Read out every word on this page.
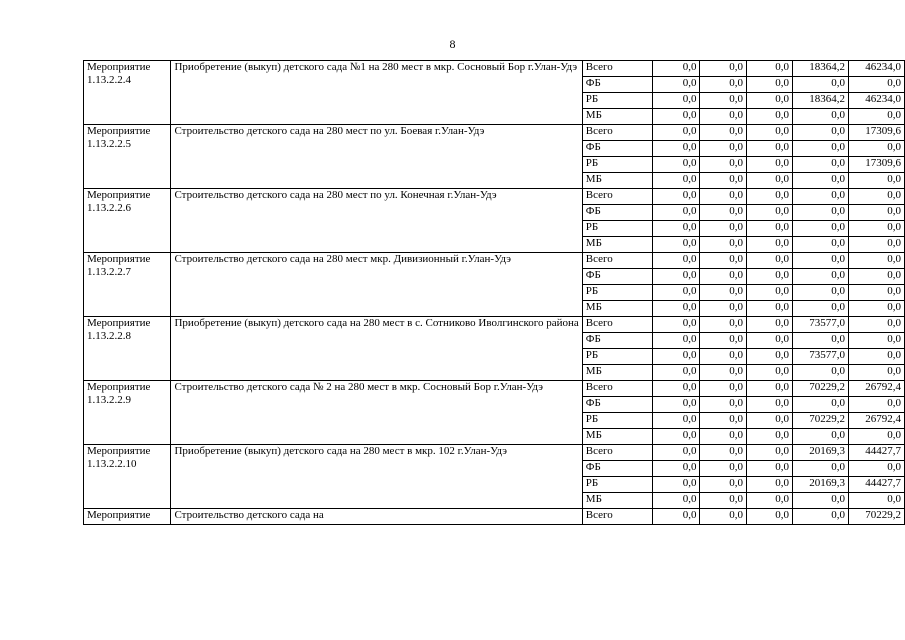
8
Мероприятие
1.13.2.2.4	Приобретение (выкуп) детского сада №1 на 280 мест в мкр. Сосновый Бор г.Улан-Удэ	Всего	0,0	0,0	0,0	18364,2	46234,0
		ФБ	0,0	0,0	0,0	0,0	0,0
		РБ	0,0	0,0	0,0	18364,2	46234,0
		МБ	0,0	0,0	0,0	0,0	0,0

Мероприятие
1.13.2.2.5	Строительство детского сада на 280 мест по ул. Боевая г.Улан-Удэ	Всего	0,0	0,0	0,0	0,0	17309,6
		ФБ	0,0	0,0	0,0	0,0	0,0
		РБ	0,0	0,0	0,0	0,0	17309,6
		МБ	0,0	0,0	0,0	0,0	0,0

Мероприятие
1.13.2.2.6	Строительство детского сада на 280 мест по ул. Конечная г.Улан-Удэ	Всего	0,0	0,0	0,0	0,0	0,0
		ФБ	0,0	0,0	0,0	0,0	0,0
		РБ	0,0	0,0	0,0	0,0	0,0
		МБ	0,0	0,0	0,0	0,0	0,0

Мероприятие
1.13.2.2.7	Строительство детского сада на 280 мест мкр. Дивизионный г.Улан-Удэ	Всего	0,0	0,0	0,0	0,0	0,0
		ФБ	0,0	0,0	0,0	0,0	0,0
		РБ	0,0	0,0	0,0	0,0	0,0
		МБ	0,0	0,0	0,0	0,0	0,0

Мероприятие
1.13.2.2.8	Приобретение (выкуп) детского сада на 280 мест в с. Сотниково Иволгинского района	Всего	0,0	0,0	0,0	73577,0	0,0
		ФБ	0,0	0,0	0,0	0,0	0,0
		РБ	0,0	0,0	0,0	73577,0	0,0
		МБ	0,0	0,0	0,0	0,0	0,0

Мероприятие
1.13.2.2.9	Строительство детского сада № 2 на 280 мест в мкр. Сосновый Бор г.Улан-Удэ	Всего	0,0	0,0	0,0	70229,2	26792,4
		ФБ	0,0	0,0	0,0	0,0	0,0
		РБ	0,0	0,0	0,0	70229,2	26792,4
		МБ	0,0	0,0	0,0	0,0	0,0

Мероприятие
1.13.2.2.10	Приобретение (выкуп) детского сада на 280 мест в мкр. 102 г.Улан-Удэ	Всего	0,0	0,0	0,0	20169,3	44427,7
		ФБ	0,0	0,0	0,0	0,0	0,0
		РБ	0,0	0,0	0,0	20169,3	44427,7
		МБ	0,0	0,0	0,0	0,0	0,0

Мероприятие	Строительство детского сада на	Всего	0,0	0,0	0,0	0,0	70229,2
